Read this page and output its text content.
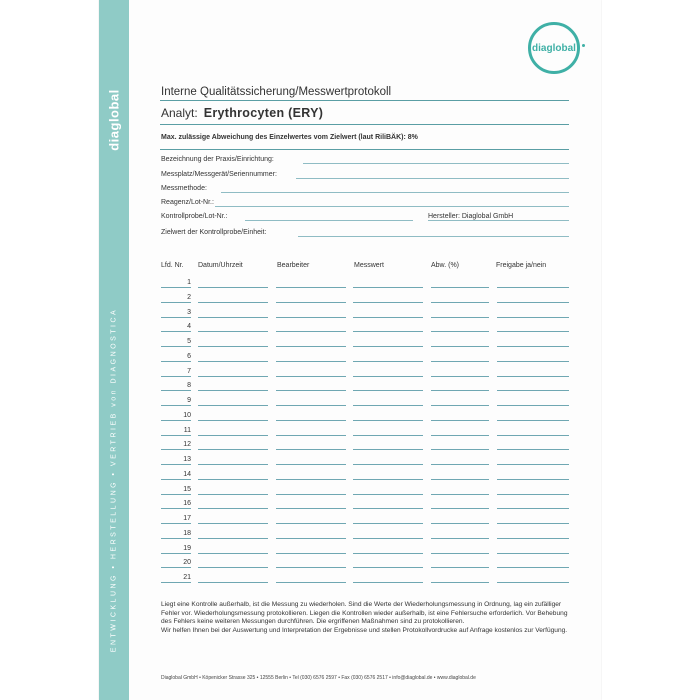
diaglobal
ENTWICKLUNG • HERSTELLUNG • VERTRIEB von DIAGNOSTICA
diaglobal
Interne Qualitätssicherung/Messwertprotokoll
Analyt: Erythrocyten (ERY)
Max. zulässige Abweichung des Einzelwertes vom Zielwert (laut RiliBÄK): 8%
Bezeichnung der Praxis/Einrichtung:
Messplatz/Messgerät/Seriennummer:
Messmethode:
Reagenz/Lot-Nr.:
Kontrollprobe/Lot-Nr.:	Hersteller: Diaglobal GmbH
Zielwert der Kontrollprobe/Einheit:
Lfd. Nr. Datum/Uhrzeit	Bearbeiter	Messwert	Abw. (%)	Freigabe ja/nein
1
2
3
4
5
6
7
8
9
10
11
12
13
14
15
16
17
18
19
20
21

Liegt eine Kontrolle außerhalb, ist die Messung zu wiederholen. Sind die Werte der Wiederholungsmessung in Ordnung, lag ein zufälliger Fehler vor. Wiederholungsmessung protokollieren. Liegen die Kontrollen wieder außerhalb, ist eine Fehlersuche erforderlich. Vor Behebung des Fehlers keine weiteren Messungen durchführen. Die ergriffenen Maßnahmen sind zu protokollieren.

Wir helfen Ihnen bei der Auswertung und Interpretation der Ergebnisse und stellen Protokollvordrucke auf Anfrage kostenlos zur Verfügung.

Diaglobal GmbH • Köpenicker Strasse 325 • 12555 Berlin • Tel (030) 6576 2597 • Fax (030) 6576 2517 • info@diaglobal.de • www.diaglobal.de
